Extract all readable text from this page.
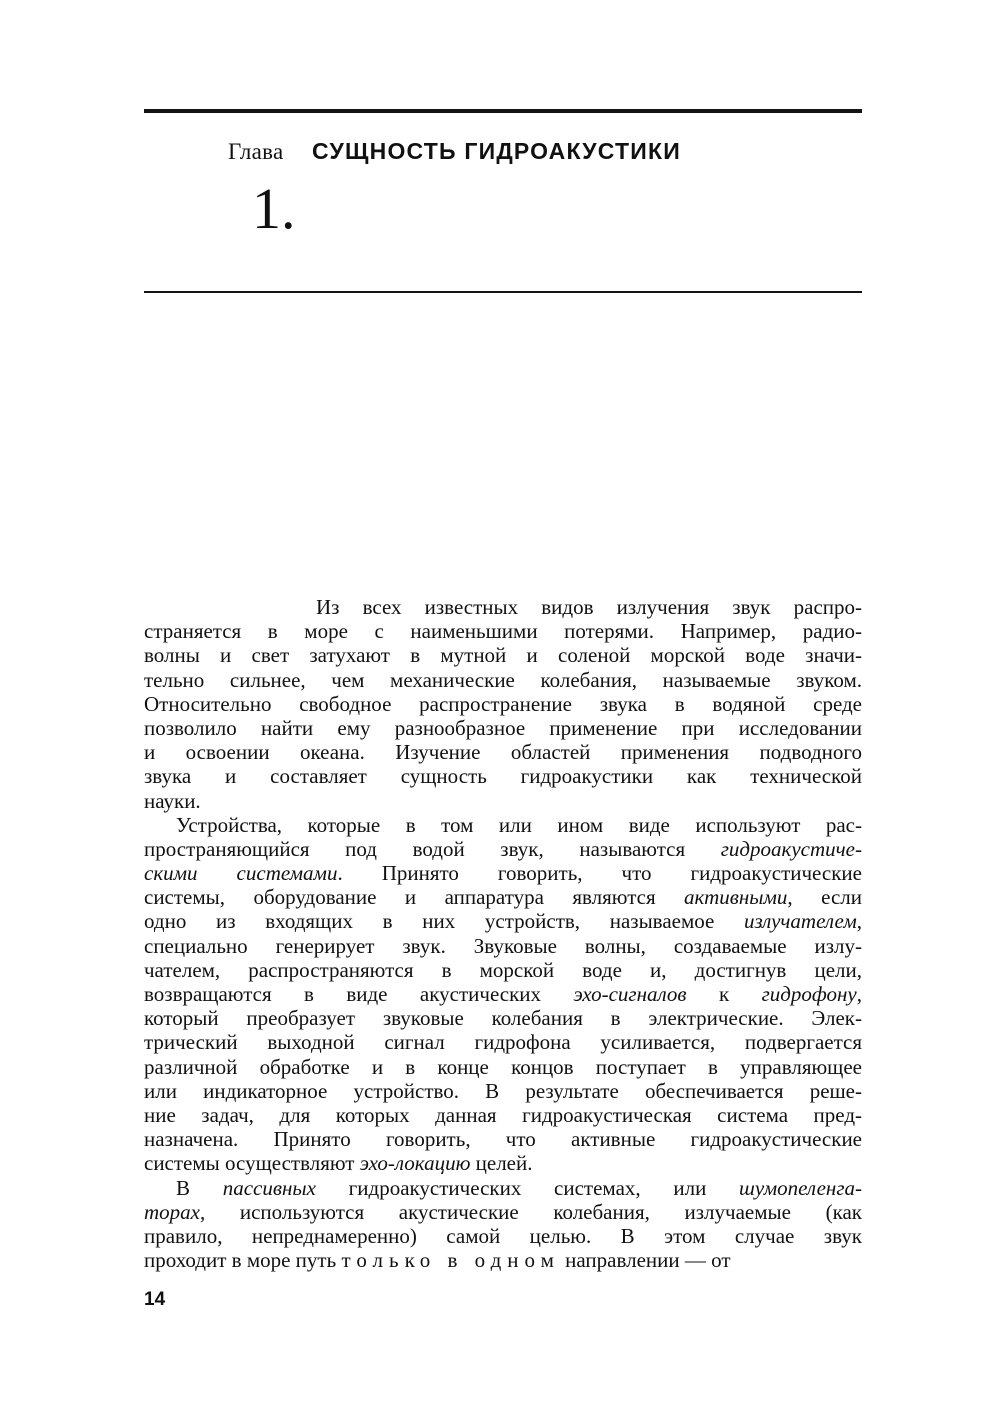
Глава СУЩНОСТЬ ГИДРОАКУСТИКИ
1.
Из всех известных видов излучения звук распро-
страняется в море с наименьшими потерями. Например, радио-
волны и свет затухают в мутной и соленой морской воде значи-
тельно сильнее, чем механические колебания, называемые звуком.
Относительно свободное распространение звука в водяной среде
позволило найти ему разнообразное применение при исследовании
и освоении океана. Изучение областей применения подводного
звука и составляет сущность гидроакустики как технической
науки.
Устройства, которые в том или ином виде используют рас-
пространяющийся под водой звук, называются гидроакустиче-
скими системами. Принято говорить, что гидроакустические
системы, оборудование и аппаратура являются активными, если
одно из входящих в них устройств, называемое излучателем,
специально генерирует звук. Звуковые волны, создаваемые излу-
чателем, распространяются в морской воде и, достигнув цели,
возвращаются в виде акустических эхо-сигналов к гидрофону,
который преобразует звуковые колебания в электрические. Элек-
трический выходной сигнал гидрофона усиливается, подвергается
различной обработке и в конце концов поступает в управляющее
или индикаторное устройство. В результате обеспечивается реше-
ние задач, для которых данная гидроакустическая система пред-
назначена. Принято говорить, что активные гидроакустические
системы осуществляют эхо-локацию целей.
В пассивных гидроакустических системах, или шумопеленга-
торах, используются акустические колебания, излучаемые (как
правило, непреднамеренно) самой целью. В этом случае звук
проходит в море путь только в одном направлении — от
14
